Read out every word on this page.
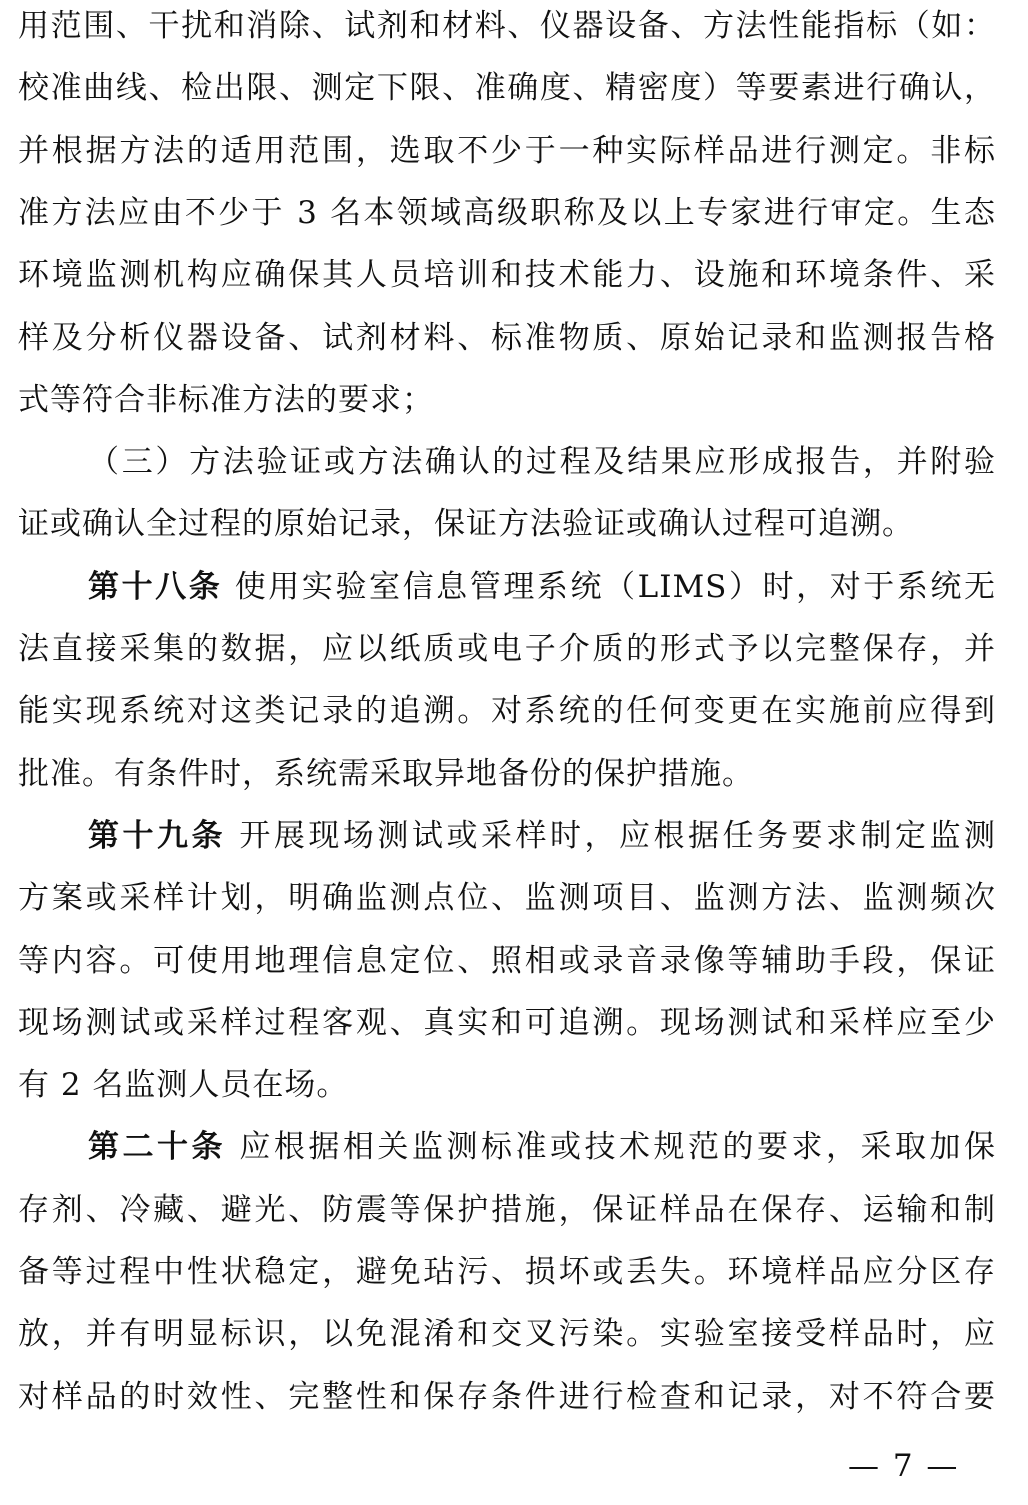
用范围、干扰和消除、试剂和材料、仪器设备、方法性能指标（如：
校准曲线、检出限、测定下限、准确度、精密度）等要素进行确认，
并根据方法的适用范围，选取不少于一种实际样品进行测定。非标
准方法应由不少于 3 名本领域高级职称及以上专家进行审定。生态
环境监测机构应确保其人员培训和技术能力、设施和环境条件、采
样及分析仪器设备、试剂材料、标准物质、原始记录和监测报告格
式等符合非标准方法的要求；
（三）方法验证或方法确认的过程及结果应形成报告，并附验
证或确认全过程的原始记录，保证方法验证或确认过程可追溯。
第十八条 使用实验室信息管理系统（LIMS）时，对于系统无
法直接采集的数据，应以纸质或电子介质的形式予以完整保存，并
能实现系统对这类记录的追溯。对系统的任何变更在实施前应得到
批准。有条件时，系统需采取异地备份的保护措施。
第十九条 开展现场测试或采样时，应根据任务要求制定监测
方案或采样计划，明确监测点位、监测项目、监测方法、监测频次
等内容。可使用地理信息定位、照相或录音录像等辅助手段，保证
现场测试或采样过程客观、真实和可追溯。现场测试和采样应至少
有 2 名监测人员在场。
第二十条 应根据相关监测标准或技术规范的要求，采取加保
存剂、冷藏、避光、防震等保护措施，保证样品在保存、运输和制
备等过程中性状稳定，避免玷污、损坏或丢失。环境样品应分区存
放，并有明显标识，以免混淆和交叉污染。实验室接受样品时，应
对样品的时效性、完整性和保存条件进行检查和记录，对不符合要
— 7 —
